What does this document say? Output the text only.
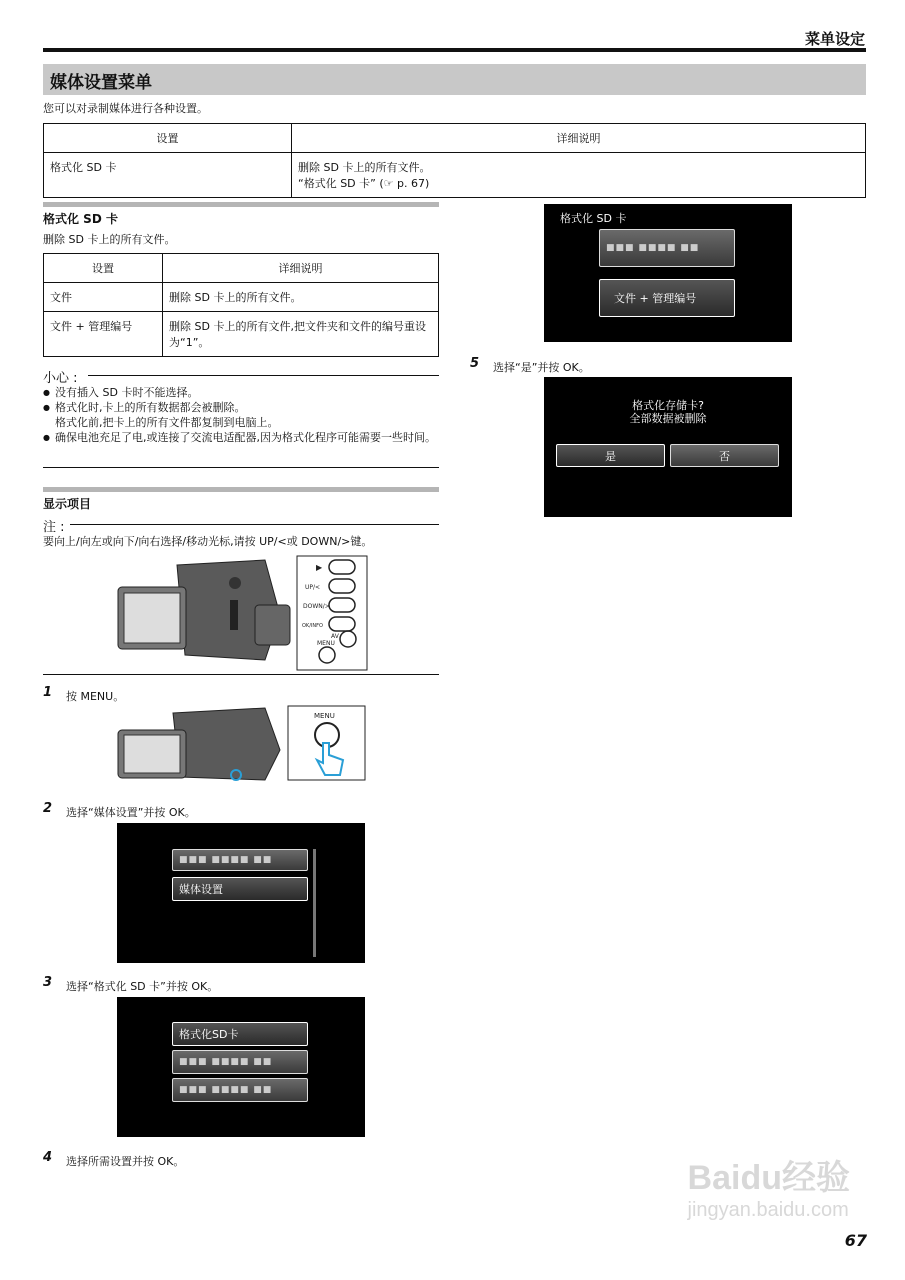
菜单设定
媒体设置菜单
您可以对录制媒体进行各种设置。
设置	详细说明
格式化 SD 卡	删除 SD 卡上的所有文件。
“格式化 SD 卡” (☞ p. 67)
格式化 SD 卡
删除 SD 卡上的所有文件。
设置	详细说明
文件	删除 SD 卡上的所有文件。
文件 + 管理编号	删除 SD 卡上的所有文件,把文件夹和文件的编号重设为“1”。
小心 :
● 没有插入 SD 卡时不能选择。
● 格式化时,卡上的所有数据都会被删除。
格式化前,把卡上的所有文件都复制到电脑上。
● 确保电池充足了电,或连接了交流电适配器,因为格式化程序可能需要一些时间。
显示项目
注 :
要向上/向左或向下/向右选择/移动光标,请按 UP/<或 DOWN/>键。
▶
UP/<
DOWN/>
OK/INFO
AV
MENU
1 按 MENU。
MENU
2 选择“媒体设置”并按 OK。
■■■ ■■■■ ■■
媒体设置
3 选择“格式化 SD 卡”并按 OK。
格式化SD卡
■■■ ■■■■ ■■
■■■ ■■■■ ■■
4 选择所需设置并按 OK。
格式化 SD 卡
■■■ ■■■■ ■■
文件 + 管理编号
5 选择“是”并按 OK。
格式化存储卡?
全部数据被删除
是	否
Baidu经验
jingyan.baidu.com
67
